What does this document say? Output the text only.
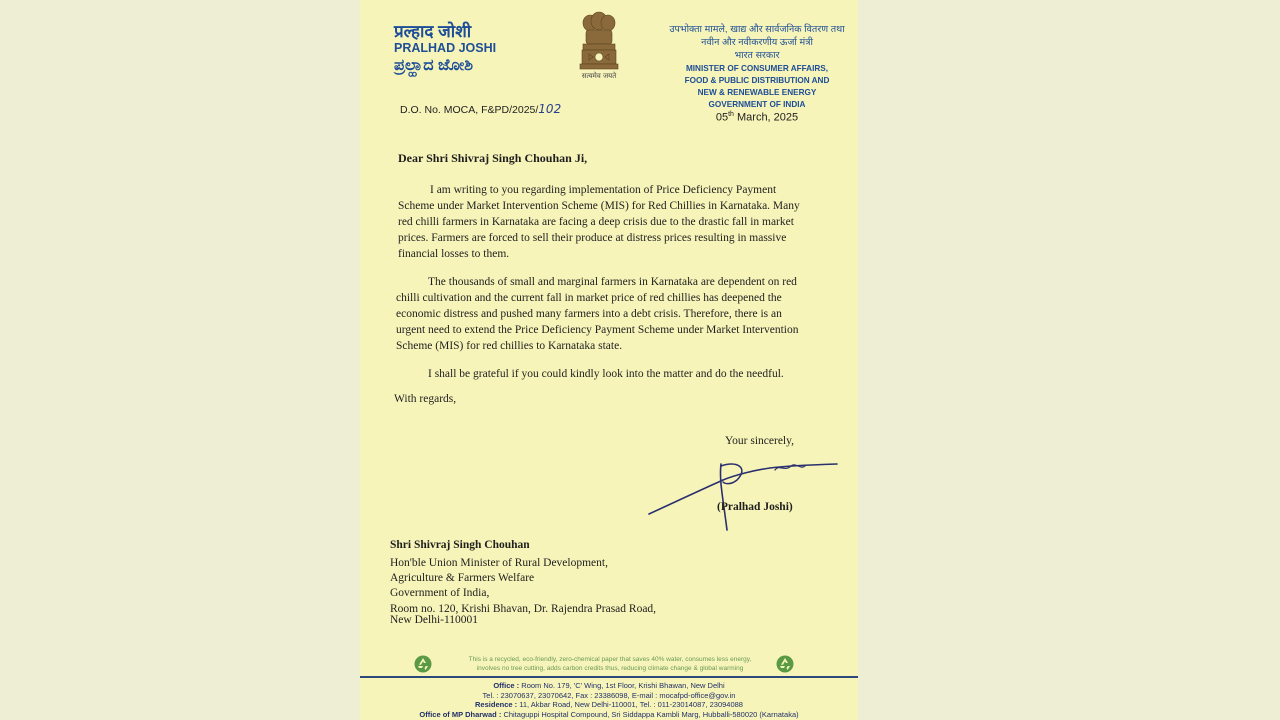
प्रल्हाद जोशी
PRALHAD JOSHI
ಪ್ರಲ್ಹಾದ ಜೋಶಿ
सत्यमेव जयते
उपभोक्ता मामले, खाद्य और सार्वजनिक वितरण तथा
नवीन और नवीकरणीय ऊर्जा मंत्री
भारत सरकार
MINISTER OF CONSUMER AFFAIRS,
FOOD & PUBLIC DISTRIBUTION AND
NEW & RENEWABLE ENERGY
GOVERNMENT OF INDIA
05th March, 2025
D.O. No. MOCA, F&PD/2025/102
Dear Shri Shivraj Singh Chouhan Ji,
I am writing to you regarding implementation of Price Deficiency Payment
Scheme under Market Intervention Scheme (MIS) for Red Chillies in Karnataka. Many
red chilli farmers in Karnataka are facing a deep crisis due to the drastic fall in market
prices. Farmers are forced to sell their produce at distress prices resulting in massive
financial losses to them.
The thousands of small and marginal farmers in Karnataka are dependent on red
chilli cultivation and the current fall in market price of red chillies has deepened the
economic distress and pushed many farmers into a debt crisis. Therefore, there is an
urgent need to extend the Price Deficiency Payment Scheme under Market Intervention
Scheme (MIS) for red chillies to Karnataka state.
I shall be grateful if you could kindly look into the matter and do the needful.
With regards,
Your sincerely,
(Pralhad Joshi)
Shri Shivraj Singh Chouhan
Hon'ble Union Minister of Rural Development,
Agriculture & Farmers Welfare
Government of India,
Room no. 120, Krishi Bhavan, Dr. Rajendra Prasad Road,
New Delhi-110001
This is a recycled, eco-friendly, zero-chemical paper that saves 40% water, consumes less energy,
involves no tree cutting, adds carbon credits thus, reducing climate change & global warming
Office : Room No. 179, 'C' Wing, 1st Floor, Krishi Bhawan, New Delhi
Tel. : 23070637, 23070642, Fax : 23386098, E-mail : mocafpd-office@gov.in
Residence : 11, Akbar Road, New Delhi-110001, Tel. : 011-23014087, 23094088
Office of MP Dharwad : Chitaguppi Hospital Compound, Sri Siddappa Kambli Marg, Hubballi-580020 (Karnataka)
